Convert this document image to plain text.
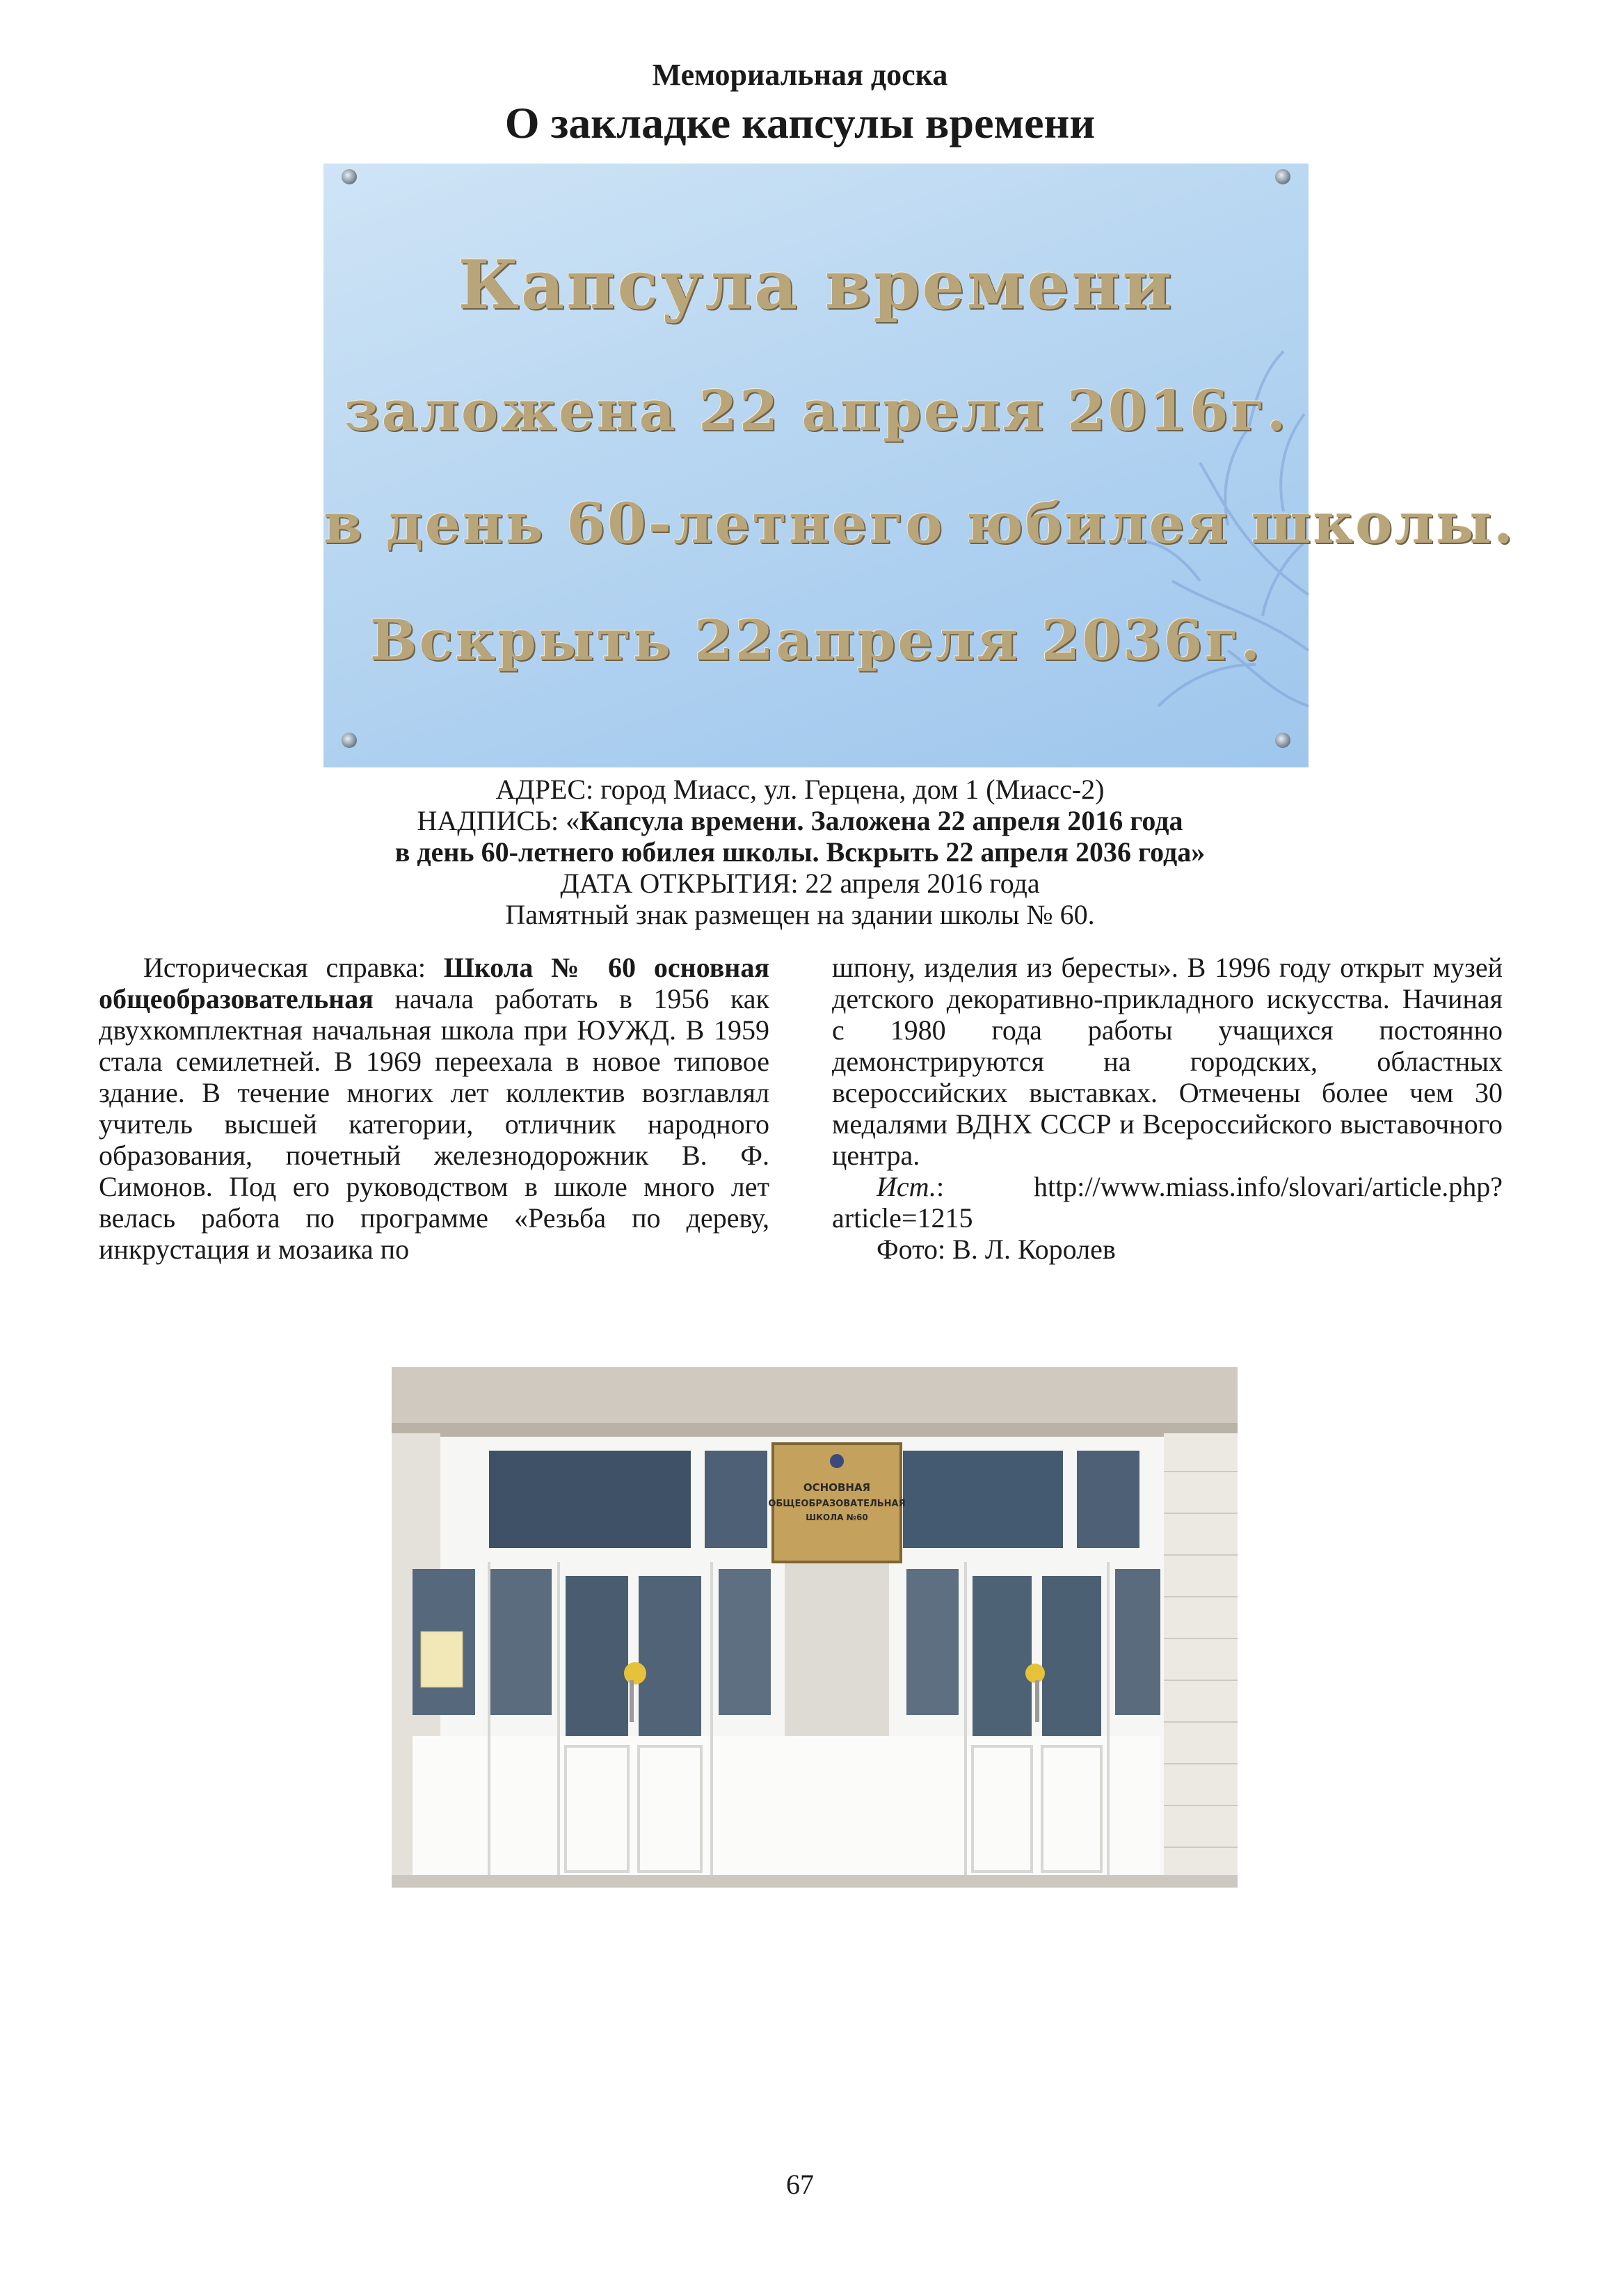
Мемориальная доска
О закладке капсулы времени
Капсула времени
заложена 22 апреля 2016г.
в день 60-летнего юбилея школы.
Вскрыть 22апреля 2036г.
АДРЕС: город Миасс, ул. Герцена, дом 1 (Миасс-2)
НАДПИСЬ: «Капсула времени. Заложена 22 апреля 2016 года
в день 60-летнего юбилея школы. Вскрыть 22 апреля 2036 года»
ДАТА ОТКРЫТИЯ: 22 апреля 2016 года
Памятный знак размещен на здании школы № 60.

Историческая справка: Школа № 60 основная общеобразовательная начала работать в 1956 как двухкомплектная начальная школа при ЮУЖД. В 1959 стала семилетней. В 1969 переехала в новое типовое здание. В течение многих лет коллектив возглавлял учитель высшей категории, отличник народного образования, почетный железнодорожник В. Ф. Симонов. Под его руководством в школе много лет велась работа по программе «Резьба по дереву, инкрустация и мозаика по

шпону, изделия из бересты». В 1996 году открыт музей детского декоративно-прикладного искусства. Начиная с 1980 года работы учащихся постоянно демонстрируются на городских, областных всероссийских выставках. Отмечены более чем 30 медалями ВДНХ СССР и Всероссийского выставочного центра.

Ист.: http://www.miass.info/slovari/article.php?article=1215

Фото: В. Л. Королев

ОСНОВНАЯ
ОБЩЕОБРАЗОВАТЕЛЬНАЯ
ШКОЛА №60
67
